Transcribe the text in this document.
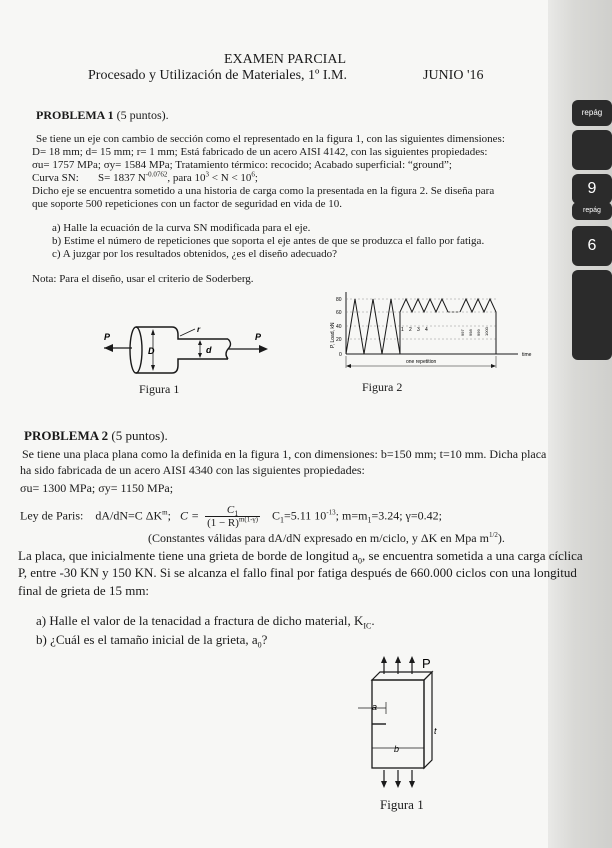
repág
9
repág
6
EXAMEN PARCIAL
Procesado y Utilización de Materiales, 1º I.M.	JUNIO '16
PROBLEMA 1 (5 puntos).
Se tiene un eje con cambio de sección como el representado en la figura 1, con las siguientes dimensiones:
D= 18 mm; d= 15 mm; r= 1 mm; Está fabricado de un acero AISI 4142, con las siguientes propiedades:
σu= 1757 MPa; σy= 1584 MPa; Tratamiento térmico: recocido; Acabado superficial: “ground”;
Curva SN: S= 1837 $N^{-0.0762}$, para $10^3 < N < 10^6$;
Dicho eje se encuentra sometido a una historia de carga como la presentada en la figura 2. Se diseña para
que soporte 500 repeticiones con un factor de seguridad en vida de 10.
a) Halle la ecuación de la curva SN modificada para el eje.
b) Estime el número de repeticiones que soporta el eje antes de que se produzca el fallo por fatiga.
c) A juzgar por los resultados obtenidos, ¿es el diseño adecuado?
Nota: Para el diseño, usar el criterio de Soderberg.
P
D	d
r
P
Figura 1
P, Load, kN
80
60
40
20
0
1 2 3 4	997 998 999 1000
time
one repetition
Figura 2
PROBLEMA 2 (5 puntos).
Se tiene una placa plana como la definida en la figura 1, con dimensiones: b=150 mm; t=10 mm. Dicha placa
ha sido fabricada de un acero AISI 4340 con las siguientes propiedades:
σu= 1300 MPa; σy= 1150 MPa;
Ley de Paris: dA/dN=C $\Delta K^m$; $C = \frac{C_1}{(1 - R)^{m(1-\gamma)}} C_1=5.11$ $10^{-13}$; $m=m_1=3.24$; γ=0.42;
(Constantes válidas para dA/dN expresado en m/ciclo, y ΔK en Mpa $m^{1/2}$).
La placa, que inicialmente tiene una grieta de borde de longitud $a_0$, se encuentra sometida a una carga cíclica
P, entre -30 KN y 150 KN. Si se alcanza el fallo final por fatiga después de 660.000 ciclos con una longitud
final de grieta de 15 mm:
a) Halle el valor de la tenacidad a fractura de dicho material, $K_{IC}$.
b) ¿Cuál es el tamaño inicial de la grieta, $a_0$?
P
a
b
t
Figura 1
